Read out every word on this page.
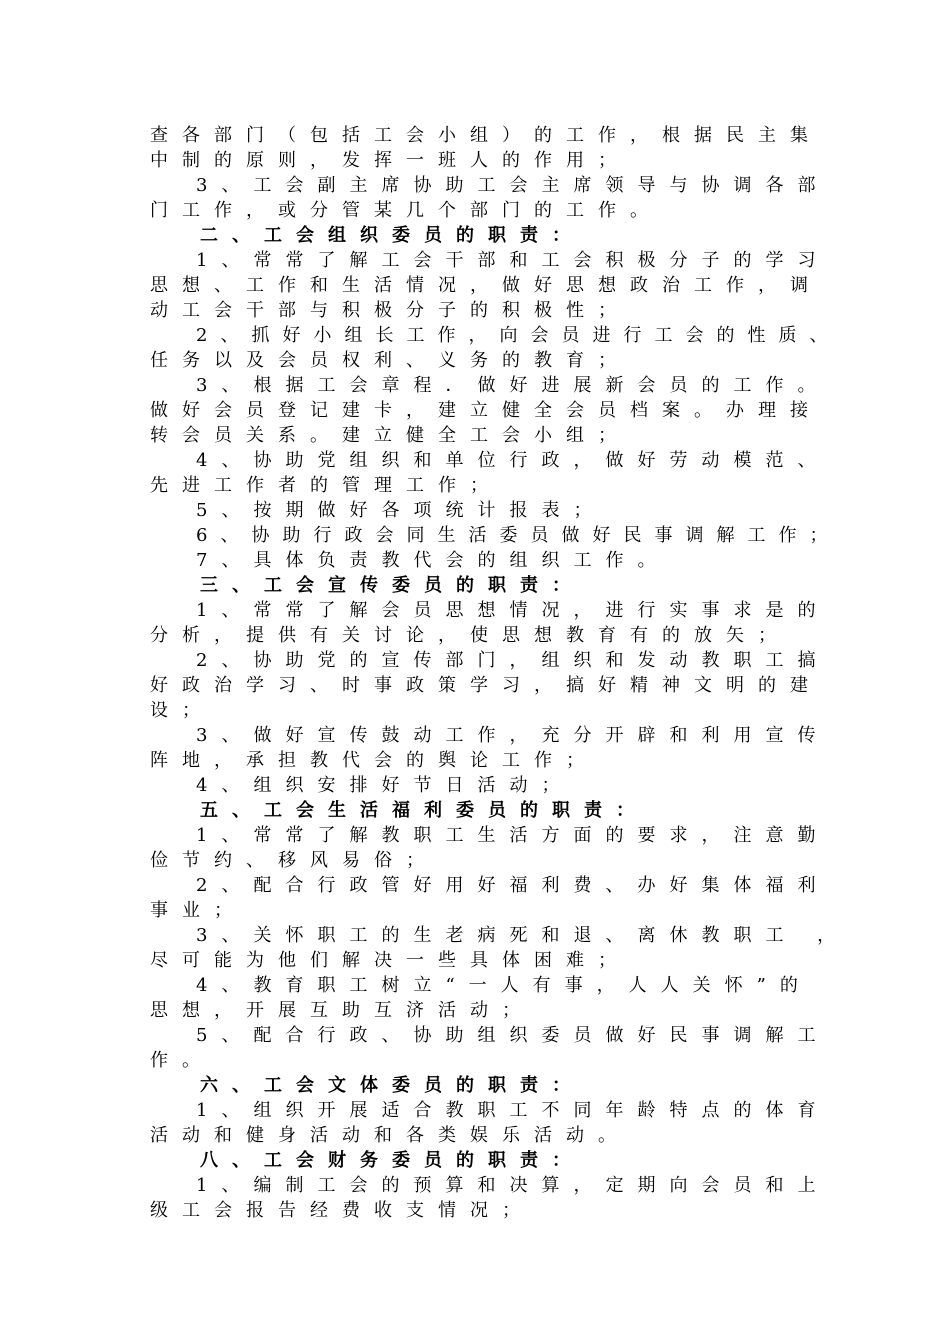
查各部门（包括工会小组）的工作，根据民主集
中制的原则，发挥一班人的作用；
3、工会副主席协助工会主席领导与协调各部
门工作，或分管某几个部门的工作。
二、工会组织委员的职责：
1、常常了解工会干部和工会积极分子的学习
思想、工作和生活情况，做好思想政治工作，调
动工会干部与积极分子的积极性；
2、抓好小组长工作，向会员进行工会的性质、
任务以及会员权利、义务的教育；
3、根据工会章程．做好进展新会员的工作。
做好会员登记建卡，建立健全会员档案。办理接
转会员关系。建立健全工会小组；
4、协助党组织和单位行政，做好劳动模范、
先进工作者的管理工作；
5、按期做好各项统计报表；
6、协助行政会同生活委员做好民事调解工作；
7、具体负责教代会的组织工作。
三、工会宣传委员的职责：
1、常常了解会员思想情况，进行实事求是的
分析，提供有关讨论，使思想教育有的放矢；
2、协助党的宣传部门，组织和发动教职工搞
好政治学习、时事政策学习，搞好精神文明的建
设；
3、做好宣传鼓动工作，充分开辟和利用宣传
阵地，承担教代会的舆论工作；
4、组织安排好节日活动；
五、工会生活福利委员的职责：
1、常常了解教职工生活方面的要求，注意勤
俭节约、移风易俗；
2、配合行政管好用好福利费、办好集体福利
事业；
3、关怀职工的生老病死和退、离休教职工 ，
尽可能为他们解决一些具体困难；
4、教育职工树立“一人有事，人人关怀”的
思想，开展互助互济活动；
5、配合行政、协助组织委员做好民事调解工
作。
六、工会文体委员的职责：
1、组织开展适合教职工不同年龄特点的体育
活动和健身活动和各类娱乐活动。
八、工会财务委员的职责：
1、编制工会的预算和决算，定期向会员和上
级工会报告经费收支情况；
